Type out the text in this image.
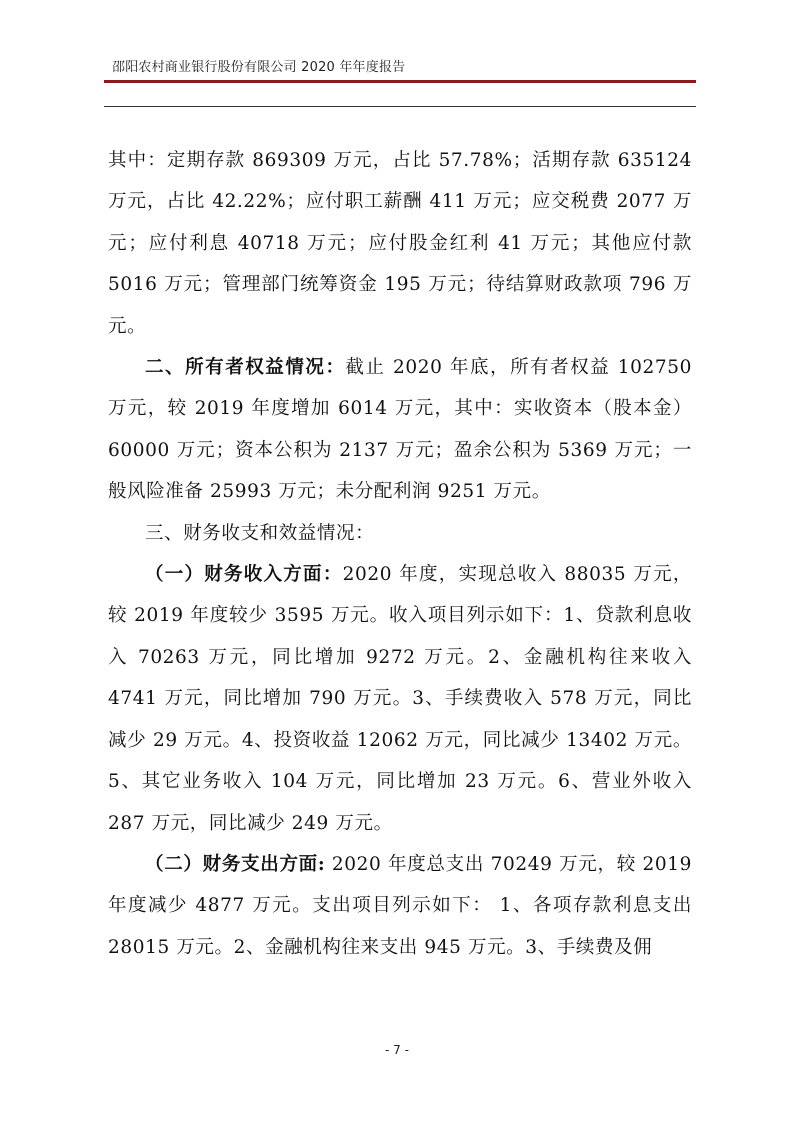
邵阳农村商业银行股份有限公司 2020 年年度报告

其中：定期存款 869309 万元，占比 57.78%；活期存款 635124 万元，占比 42.22%；应付职工薪酬 411 万元；应交税费 2077 万元；应付利息 40718 万元；应付股金红利 41 万元；其他应付款 5016 万元；管理部门统筹资金 195 万元；待结算财政款项 796 万元。

二、所有者权益情况：截止 2020 年底，所有者权益 102750 万元，较 2019 年度增加 6014 万元，其中：实收资本（股本金）60000 万元；资本公积为 2137 万元；盈余公积为 5369 万元；一般风险准备 25993 万元；未分配利润 9251 万元。

三、财务收支和效益情况：

（一）财务收入方面：2020 年度，实现总收入 88035 万元，较 2019 年度较少 3595 万元。收入项目列示如下：1、贷款利息收入 70263 万元，同比增加 9272 万元。2、金融机构往来收入 4741 万元，同比增加 790 万元。3、手续费收入 578 万元，同比减少 29 万元。4、投资收益 12062 万元，同比减少 13402 万元。5、其它业务收入 104 万元，同比增加 23 万元。6、营业外收入 287 万元，同比减少 249 万元。

（二）财务支出方面: 2020 年度总支出 70249 万元，较 2019 年度减少 4877 万元。支出项目列示如下： 1、各项存款利息支出 28015 万元。2、金融机构往来支出 945 万元。3、手续费及佣

- 7 -
